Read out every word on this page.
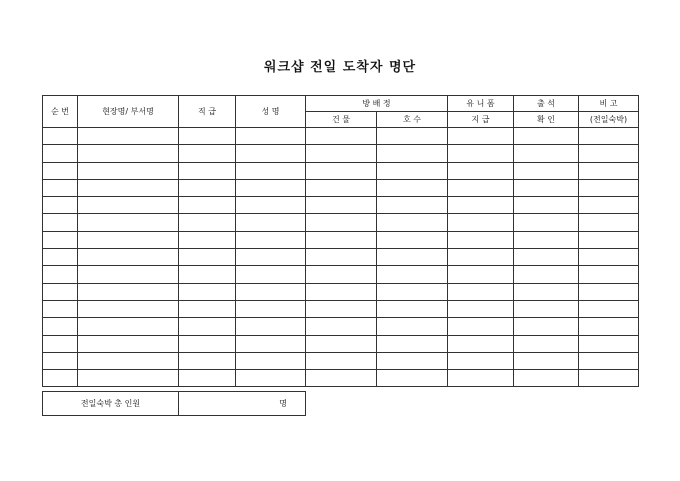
워크샵 전일 도착자 명단
순 번	현장명/ 부서명	직 급	성 명	방 배 정		유 니 폼	출 석	비 고
				건 물	호 수	지 급	확 인	(전일숙박)

전일숙박 총 인원	명
